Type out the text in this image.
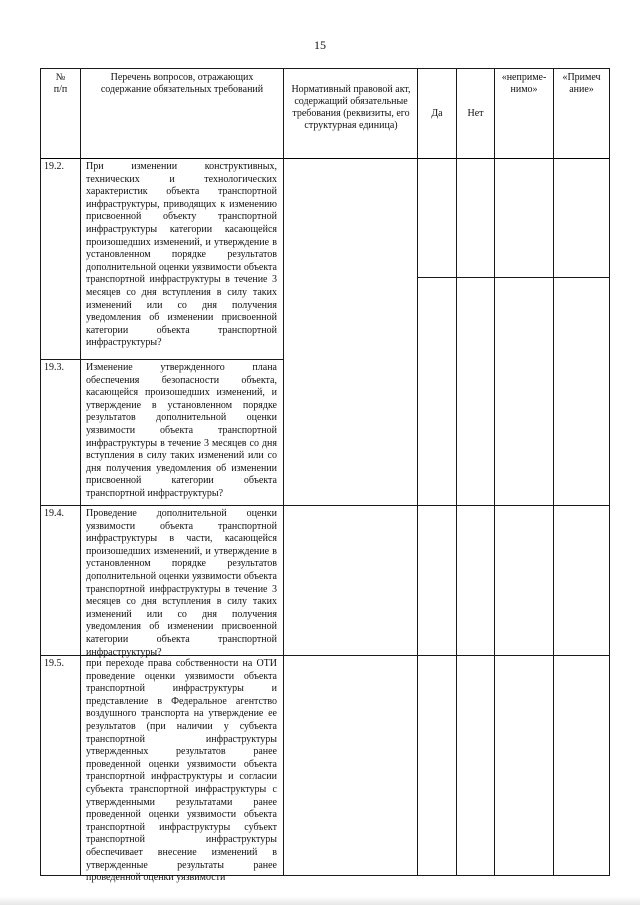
15
№
п/п
Перечень вопросов, отражающих содержание обязательных требований	Нормативный правовой акт, содержащий обязательные требования (реквизиты, его структурная единица)
Да	Нет
«неприме-
нимо»
«Примеч
ание»
19.2. При изменении конструктивных, технических и технологических характеристик объекта транспортной инфраструктуры, приводящих к изменению присвоенной объекту транспортной инфраструктуры категории касающейся произошедших изменений, и утверждение в установленном порядке результатов дополнительной оценки уязвимости объекта транспортной инфраструктуры в течение 3 месяцев со дня вступления в силу таких изменений или со дня получения уведомления об изменении присвоенной категории объекта транспортной инфраструктуры?
19.3. Изменение утвержденного плана обеспечения безопасности объекта, касающейся произошедших изменений, и утверждение в установленном порядке результатов дополнительной оценки уязвимости объекта транспортной инфраструктуры в течение 3 месяцев со дня вступления в силу таких изменений или со дня получения уведомления об изменении присвоенной категории объекта транспортной инфраструктуры?
19.4. Проведение дополнительной оценки уязвимости объекта транспортной инфраструктуры в части, касающейся произошедших изменений, и утверждение в установленном порядке результатов дополнительной оценки уязвимости объекта транспортной инфраструктуры в течение 3 месяцев со дня вступления в силу таких изменений или со дня получения уведомления об изменении присвоенной категории объекта транспортной инфраструктуры?
19.5. при переходе права собственности на ОТИ проведение оценки уязвимости объекта транспортной инфраструктуры и представление в Федеральное агентство воздушного транспорта на утверждение ее результатов (при наличии у субъекта транспортной инфраструктуры утвержденных результатов ранее проведенной оценки уязвимости объекта транспортной инфраструктуры и согласии субъекта транспортной инфраструктуры с утвержденными результатами ранее проведенной оценки уязвимости объекта транспортной инфраструктуры субъект транспортной инфраструктуры обеспечивает внесение изменений в утвержденные результаты ранее проведенной оценки уязвимости
